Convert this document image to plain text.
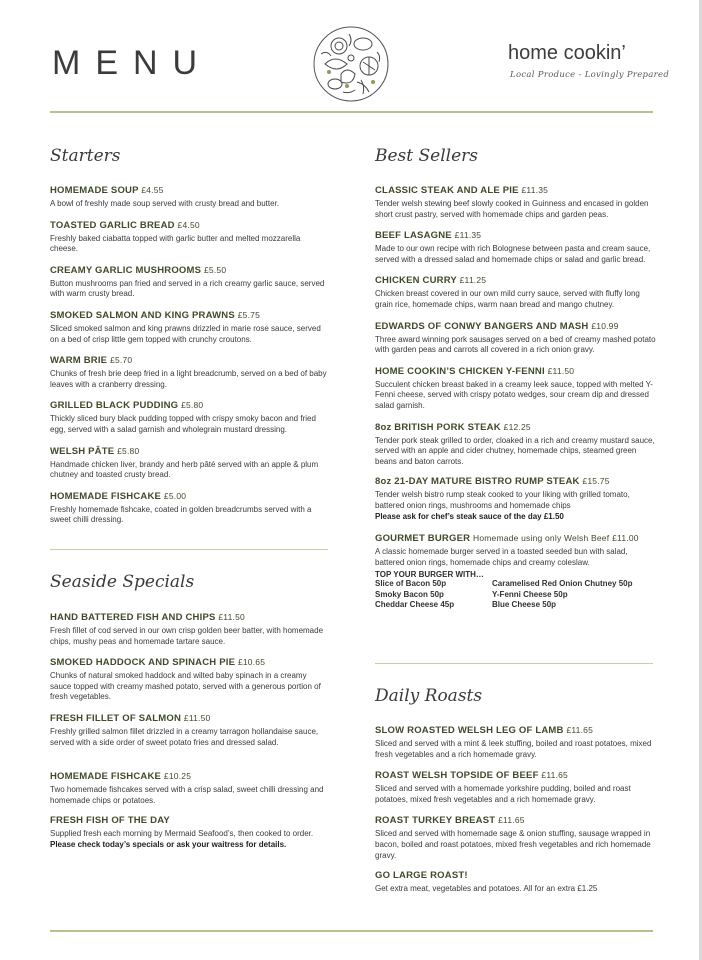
MENU	home cookin’
Local Produce - Lovingly Prepared
Starters
HOMEMADE SOUP £4.55
A bowl of freshly made soup served with crusty bread and butter.
TOASTED GARLIC BREAD £4.50
Freshly baked ciabatta topped with garlic butter and melted mozzarella cheese.
CREAMY GARLIC MUSHROOMS £5.50
Button mushrooms pan fried and served in a rich creamy garlic sauce, served with warm crusty bread.
SMOKED SALMON AND KING PRAWNS £5.75
Sliced smoked salmon and king prawns drizzled in marie rose sauce, served on a bed of crisp little gem topped with crunchy croutons.
WARM BRIE £5.70
Chunks of fresh brie deep fried in a light breadcrumb, served on a bed of baby leaves with a cranberry dressing.
GRILLED BLACK PUDDING £5.80
Thickly sliced bury black pudding topped with crispy smoky bacon and fried egg, served with a salad garnish and wholegrain mustard dressing.
WELSH PÂTE £5.80
Handmade chicken liver, brandy and herb pâté served with an apple & plum chutney and toasted crusty bread.
HOMEMADE FISHCAKE £5.00
Freshly homemade fishcake, coated in golden breadcrumbs served with a sweet chilli dressing.
Seaside Specials
HAND BATTERED FISH AND CHIPS £11.50
Fresh fillet of cod served in our own crisp golden beer batter, with homemade chips, mushy peas and homemade tartare sauce.
SMOKED HADDOCK AND SPINACH PIE £10.65
Chunks of natural smoked haddock and wilted baby spinach in a creamy sauce topped with creamy mashed potato, served with a generous portion of fresh vegetables.
FRESH FILLET OF SALMON £11.50
Freshly grilled salmon fillet drizzled in a creamy tarragon hollandaise sauce, served with a side order of sweet potato fries and dressed salad.
HOMEMADE FISHCAKE £10.25
Two homemade fishcakes served with a crisp salad, sweet chilli dressing and homemade chips or potatoes.
FRESH FISH OF THE DAY
Supplied fresh each morning by Mermaid Seafood’s, then cooked to order.
Please check today’s specials or ask your waitress for details.
Best Sellers
CLASSIC STEAK AND ALE PIE £11.35
Tender welsh stewing beef slowly cooked in Guinness and encased in golden short crust pastry, served with homemade chips and garden peas.
BEEF LASAGNE £11.35
Made to our own recipe with rich Bolognese between pasta and cream sauce, served with a dressed salad and homemade chips or salad and garlic bread.
CHICKEN CURRY £11.25
Chicken breast covered in our own mild curry sauce, served with fluffy long grain rice, homemade chips, warm naan bread and mango chutney.
EDWARDS OF CONWY BANGERS AND MASH £10.99
Three award winning pork sausages served on a bed of creamy mashed potato with garden peas and carrots all covered in a rich onion gravy.
HOME COOKIN’S CHICKEN Y-FENNI £11.50
Succulent chicken breast baked in a creamy leek sauce, topped with melted Y-Fenni cheese, served with crispy potato wedges, sour cream dip and dressed salad garnish.
8oz BRITISH PORK STEAK £12.25
Tender pork steak grilled to order, cloaked in a rich and creamy mustard sauce, served with an apple and cider chutney, homemade chips, steamed green beans and baton carrots.
8oz 21-DAY MATURE BISTRO RUMP STEAK £15.75
Tender welsh bistro rump steak cooked to your liking with grilled tomato, battered onion rings, mushrooms and homemade chips
Please ask for chef’s steak sauce of the day £1.50
GOURMET BURGER Homemade using only Welsh Beef £11.00
A classic homemade burger served in a toasted seeded bun with salad, battered onion rings, homemade chips and creamy coleslaw.
TOP YOUR BURGER WITH…
Slice of Bacon 50p	Caramelised Red Onion Chutney 50p
Smoky Bacon 50p	Y-Fenni Cheese 50p
Cheddar Cheese 45p	Blue Cheese 50p
Daily Roasts
SLOW ROASTED WELSH LEG OF LAMB £11.65
Sliced and served with a mint & leek stuffing, boiled and roast potatoes, mixed fresh vegetables and a rich homemade gravy.
ROAST WELSH TOPSIDE OF BEEF £11.65
Sliced and served with a homemade yorkshire pudding, boiled and roast potatoes, mixed fresh vegetables and a rich homemade gravy.
ROAST TURKEY BREAST £11.65
Sliced and served with homemade sage & onion stuffing, sausage wrapped in bacon, boiled and roast potatoes, mixed fresh vegetables and rich homemade gravy.
GO LARGE ROAST!
Get extra meat, vegetables and potatoes. All for an extra £1.25
